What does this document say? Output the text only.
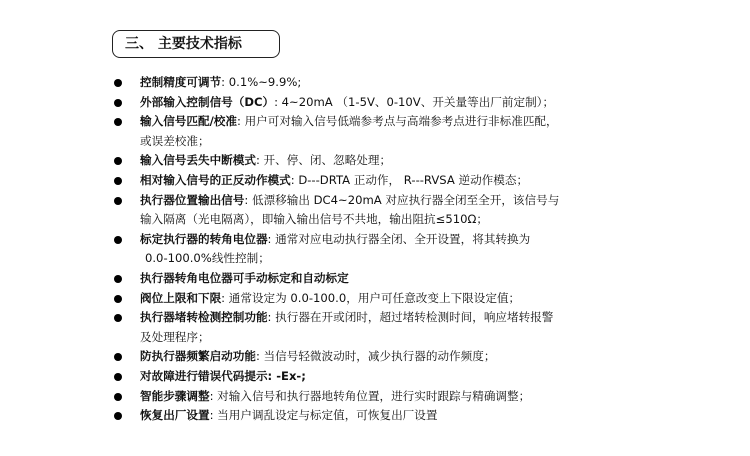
三、 主要技术指标
控制精度可调节: 0.1%~9.9%;
外部输入控制信号（DC）: 4~20mA （1-5V、0-10V、开关量等出厂前定制）；
输入信号匹配/校准: 用户可对输入信号低端参考点与高端参考点进行非标准匹配，
或误差校准；
输入信号丢失中断模式: 开、停、闭、忽略处理；
相对输入信号的正反动作模式: D---DRTA 正动作， R---RVSA 逆动作模态；
执行器位置输出信号: 低漂移输出 DC4~20mA 对应执行器全闭至全开，该信号与
输入隔离（光电隔离），即输入输出信号不共地，输出阻抗≤510Ω；
标定执行器的转角电位器: 通常对应电动执行器全闭、全开设置，将其转换为
0.0-100.0%线性控制；
执行器转角电位器可手动标定和自动标定
阀位上限和下限: 通常设定为 0.0-100.0，用户可任意改变上下限设定值；
执行器堵转检测控制功能: 执行器在开或闭时，超过堵转检测时间，响应堵转报警
及处理程序；
防执行器频繁启动功能: 当信号轻微波动时，减少执行器的动作频度；
对故障进行错误代码提示: -Ex-;
智能步骤调整: 对输入信号和执行器地转角位置，进行实时跟踪与精确调整；
恢复出厂设置: 当用户调乱设定与标定值，可恢复出厂设置
